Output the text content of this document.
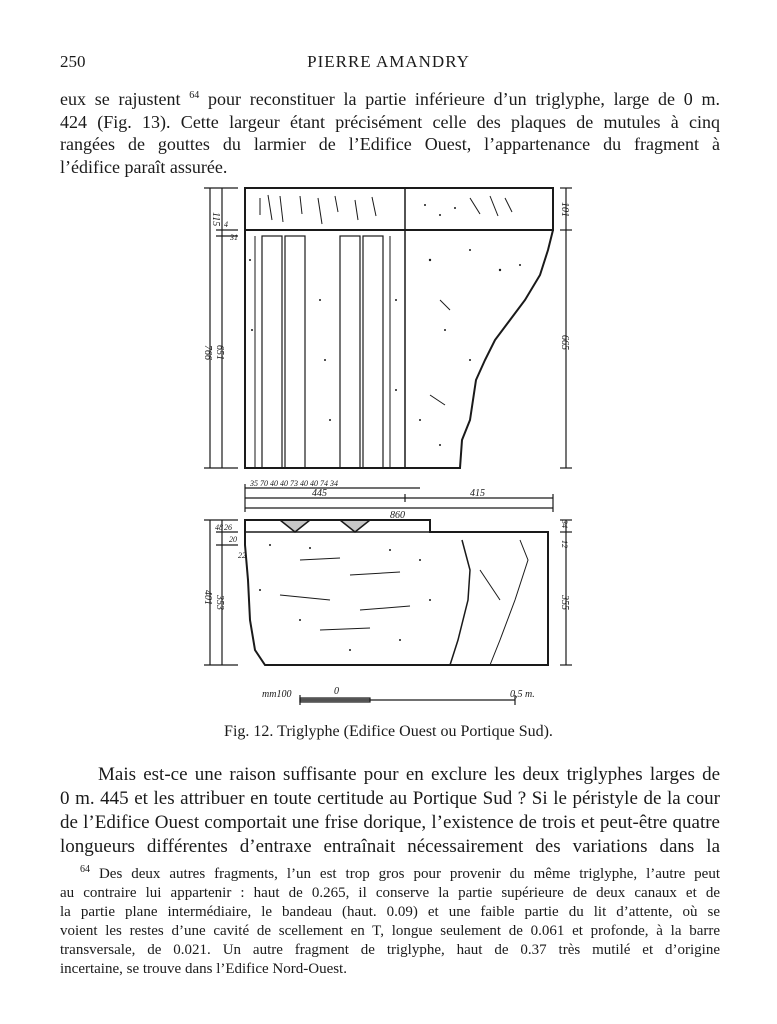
250	PIERRE AMANDRY
eux se rajustent $^{64}$ pour reconstituer la partie inférieure d’un triglyphe, large de 0 m.
424 (Fig. 13). Cette largeur étant précisément celle des plaques de mutules à cinq
rangées de gouttes du larmier de l’Edifice Ouest, l’appartenance du fragment à
l’édifice paraît assurée.
115 4
31
766 651
101
665
35 70 40 40 73 40 40 74 34
445	415
860
48 26
20
22
401 353
34
12
355
mm100	0	0,5 m.
Fig. 12. Triglyphe (Edifice Ouest ou Portique Sud).
Mais est-ce une raison suffisante pour en exclure les deux triglyphes larges de
0 m. 445 et les attribuer en toute certitude au Portique Sud ? Si le péristyle de la cour
de l’Edifice Ouest comportait une frise dorique, l’existence de trois et peut-être quatre
longueurs différentes d’entraxe entraînait nécessairement des variations dans la
$^{64}$ Des deux autres fragments, l’un est trop gros pour provenir du même triglyphe, l’autre peut
au contraire lui appartenir : haut de 0.265, il conserve la partie supérieure de deux canaux et de
la partie plane intermédiaire, le bandeau (haut. 0.09) et une faible partie du lit d’attente, où se
voient les restes d’une cavité de scellement en T, longue seulement de 0.061 et profonde, à la barre
transversale, de 0.021. Un autre fragment de triglyphe, haut de 0.37 très mutilé et d’origine
incertaine, se trouve dans l’Edifice Nord-Ouest.
